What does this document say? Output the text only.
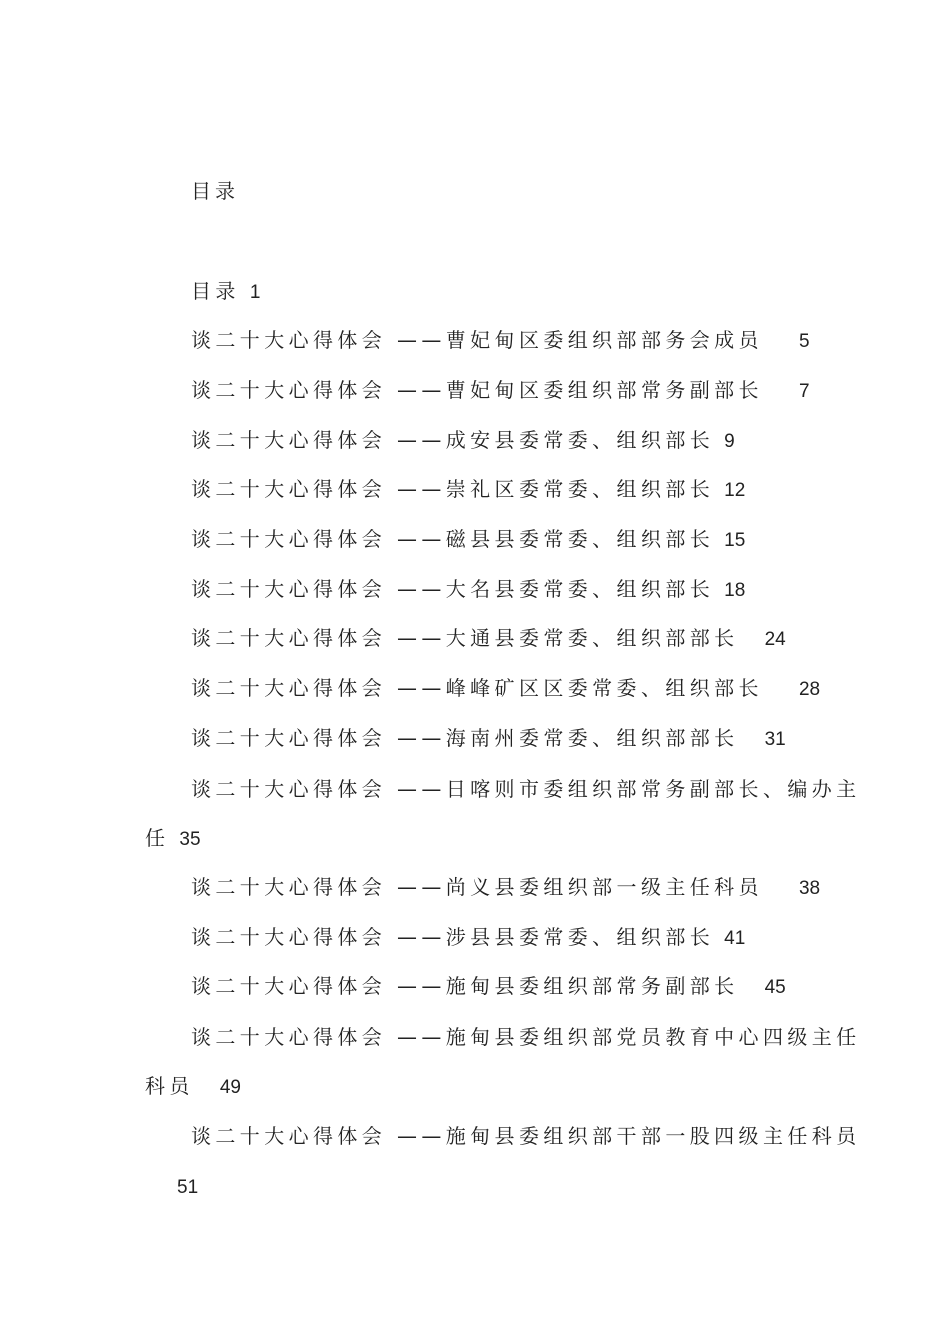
目录
目录 1
谈二十大心得体会 ——曹妃甸区委组织部部务会成员 5
谈二十大心得体会 ——曹妃甸区委组织部常务副部长 7
谈二十大心得体会 ——成安县委常委、组织部长 9
谈二十大心得体会 ——崇礼区委常委、组织部长 12
谈二十大心得体会 ——磁县县委常委、组织部长 15
谈二十大心得体会 ——大名县委常委、组织部长 18
谈二十大心得体会 ——大通县委常委、组织部部长 24
谈二十大心得体会 ——峰峰矿区区委常委、组织部长 28
谈二十大心得体会 ——海南州委常委、组织部部长 31
谈二十大心得体会 ——日喀则市委组织部常务副部长、编办主
任 35
谈二十大心得体会 ——尚义县委组织部一级主任科员 38
谈二十大心得体会 ——涉县县委常委、组织部长 41
谈二十大心得体会 ——施甸县委组织部常务副部长 45
谈二十大心得体会 ——施甸县委组织部党员教育中心四级主任
科员 49
谈二十大心得体会 ——施甸县委组织部干部一股四级主任科员
51
